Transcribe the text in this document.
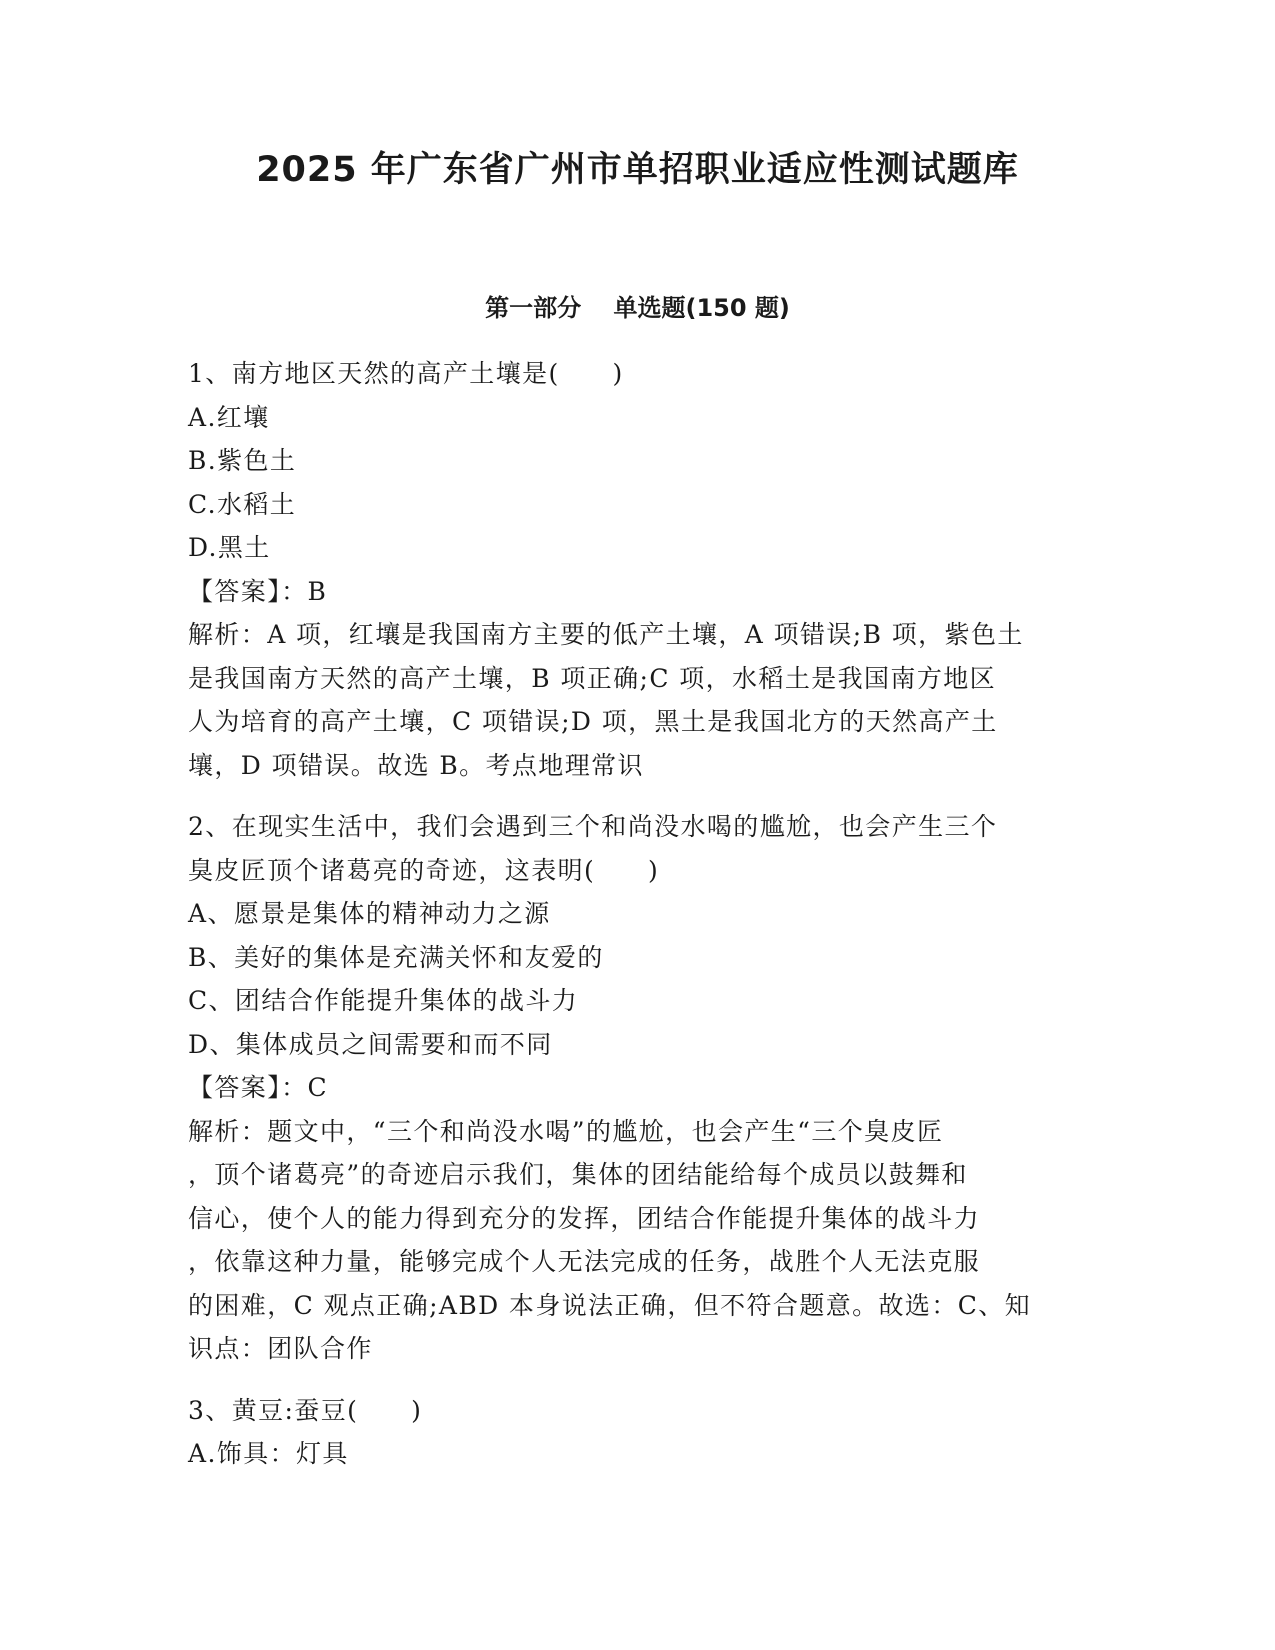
2025 年广东省广州市单招职业适应性测试题库
第一部分　 单选题(150 题)
1、南方地区天然的高产土壤是(　　)
A.红壤
B.紫色土
C.水稻土
D.黑土
【答案】：B
解析：A 项，红壤是我国南方主要的低产土壤，A 项错误;B 项，紫色土
是我国南方天然的高产土壤，B 项正确;C 项，水稻土是我国南方地区
人为培育的高产土壤，C 项错误;D 项，黑土是我国北方的天然高产土
壤，D 项错误。故选 B。考点地理常识
2、在现实生活中，我们会遇到三个和尚没水喝的尴尬，也会产生三个
臭皮匠顶个诸葛亮的奇迹，这表明(　　)
A、愿景是集体的精神动力之源
B、美好的集体是充满关怀和友爱的
C、团结合作能提升集体的战斗力
D、集体成员之间需要和而不同
【答案】：C
解析：题文中，“三个和尚没水喝”的尴尬，也会产生“三个臭皮匠
，顶个诸葛亮”的奇迹启示我们，集体的团结能给每个成员以鼓舞和
信心，使个人的能力得到充分的发挥，团结合作能提升集体的战斗力
，依靠这种力量，能够完成个人无法完成的任务，战胜个人无法克服
的困难，C 观点正确;ABD 本身说法正确，但不符合题意。故选：C、知
识点：团队合作
3、黄豆:蚕豆(　　)
A.饰具：灯具
